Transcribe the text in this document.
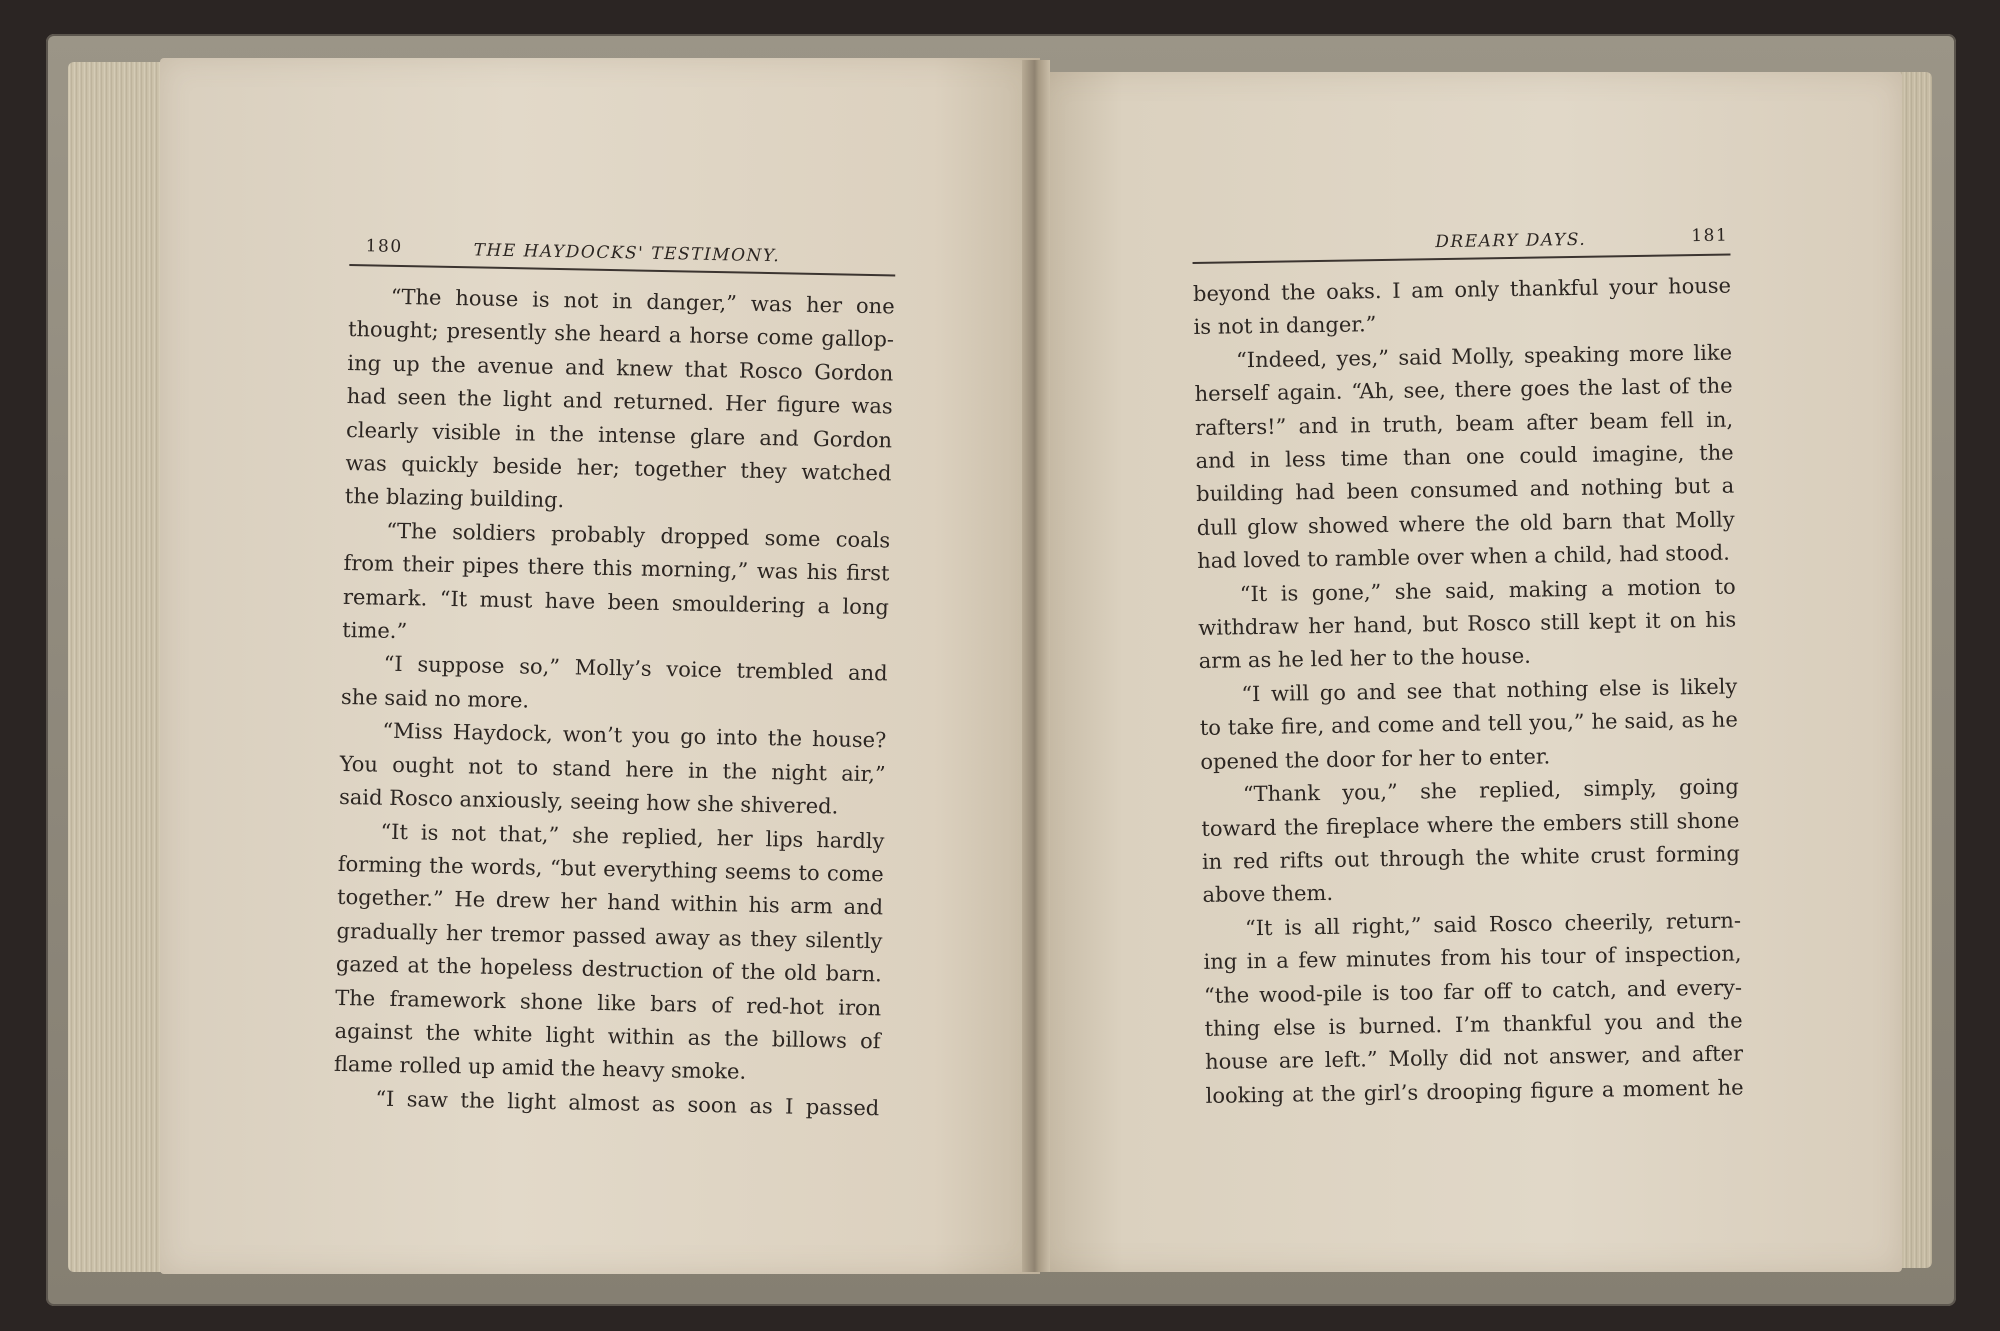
180	THE HAYDOCKS' TESTIMONY.
“The house is not in danger,” was her one
thought; presently she heard a horse come gallop-
ing up the avenue and knew that Rosco Gordon
had seen the light and returned. Her figure was
clearly visible in the intense glare and Gordon
was quickly beside her; together they watched
the blazing building.
“The soldiers probably dropped some coals
from their pipes there this morning,” was his first
remark. “It must have been smouldering a long
time.”
“I suppose so,” Molly’s voice trembled and
she said no more.
“Miss Haydock, won’t you go into the house?
You ought not to stand here in the night air,”
said Rosco anxiously, seeing how she shivered.
“It is not that,” she replied, her lips hardly
forming the words, “but everything seems to come
together.” He drew her hand within his arm and
gradually her tremor passed away as they silently
gazed at the hopeless destruction of the old barn.
The framework shone like bars of red-hot iron
against the white light within as the billows of
flame rolled up amid the heavy smoke.
“I saw the light almost as soon as I passed
DREARY DAYS.	181
beyond the oaks. I am only thankful your house
is not in danger.”
“Indeed, yes,” said Molly, speaking more like
herself again. “Ah, see, there goes the last of the
rafters!” and in truth, beam after beam fell in,
and in less time than one could imagine, the
building had been consumed and nothing but a
dull glow showed where the old barn that Molly
had loved to ramble over when a child, had stood.
“It is gone,” she said, making a motion to
withdraw her hand, but Rosco still kept it on his
arm as he led her to the house.
“I will go and see that nothing else is likely
to take fire, and come and tell you,” he said, as he
opened the door for her to enter.
“Thank you,” she replied, simply, going
toward the fireplace where the embers still shone
in red rifts out through the white crust forming
above them.
“It is all right,” said Rosco cheerily, return-
ing in a few minutes from his tour of inspection,
“the wood-pile is too far off to catch, and every-
thing else is burned. I’m thankful you and the
house are left.” Molly did not answer, and after
looking at the girl’s drooping figure a moment he
